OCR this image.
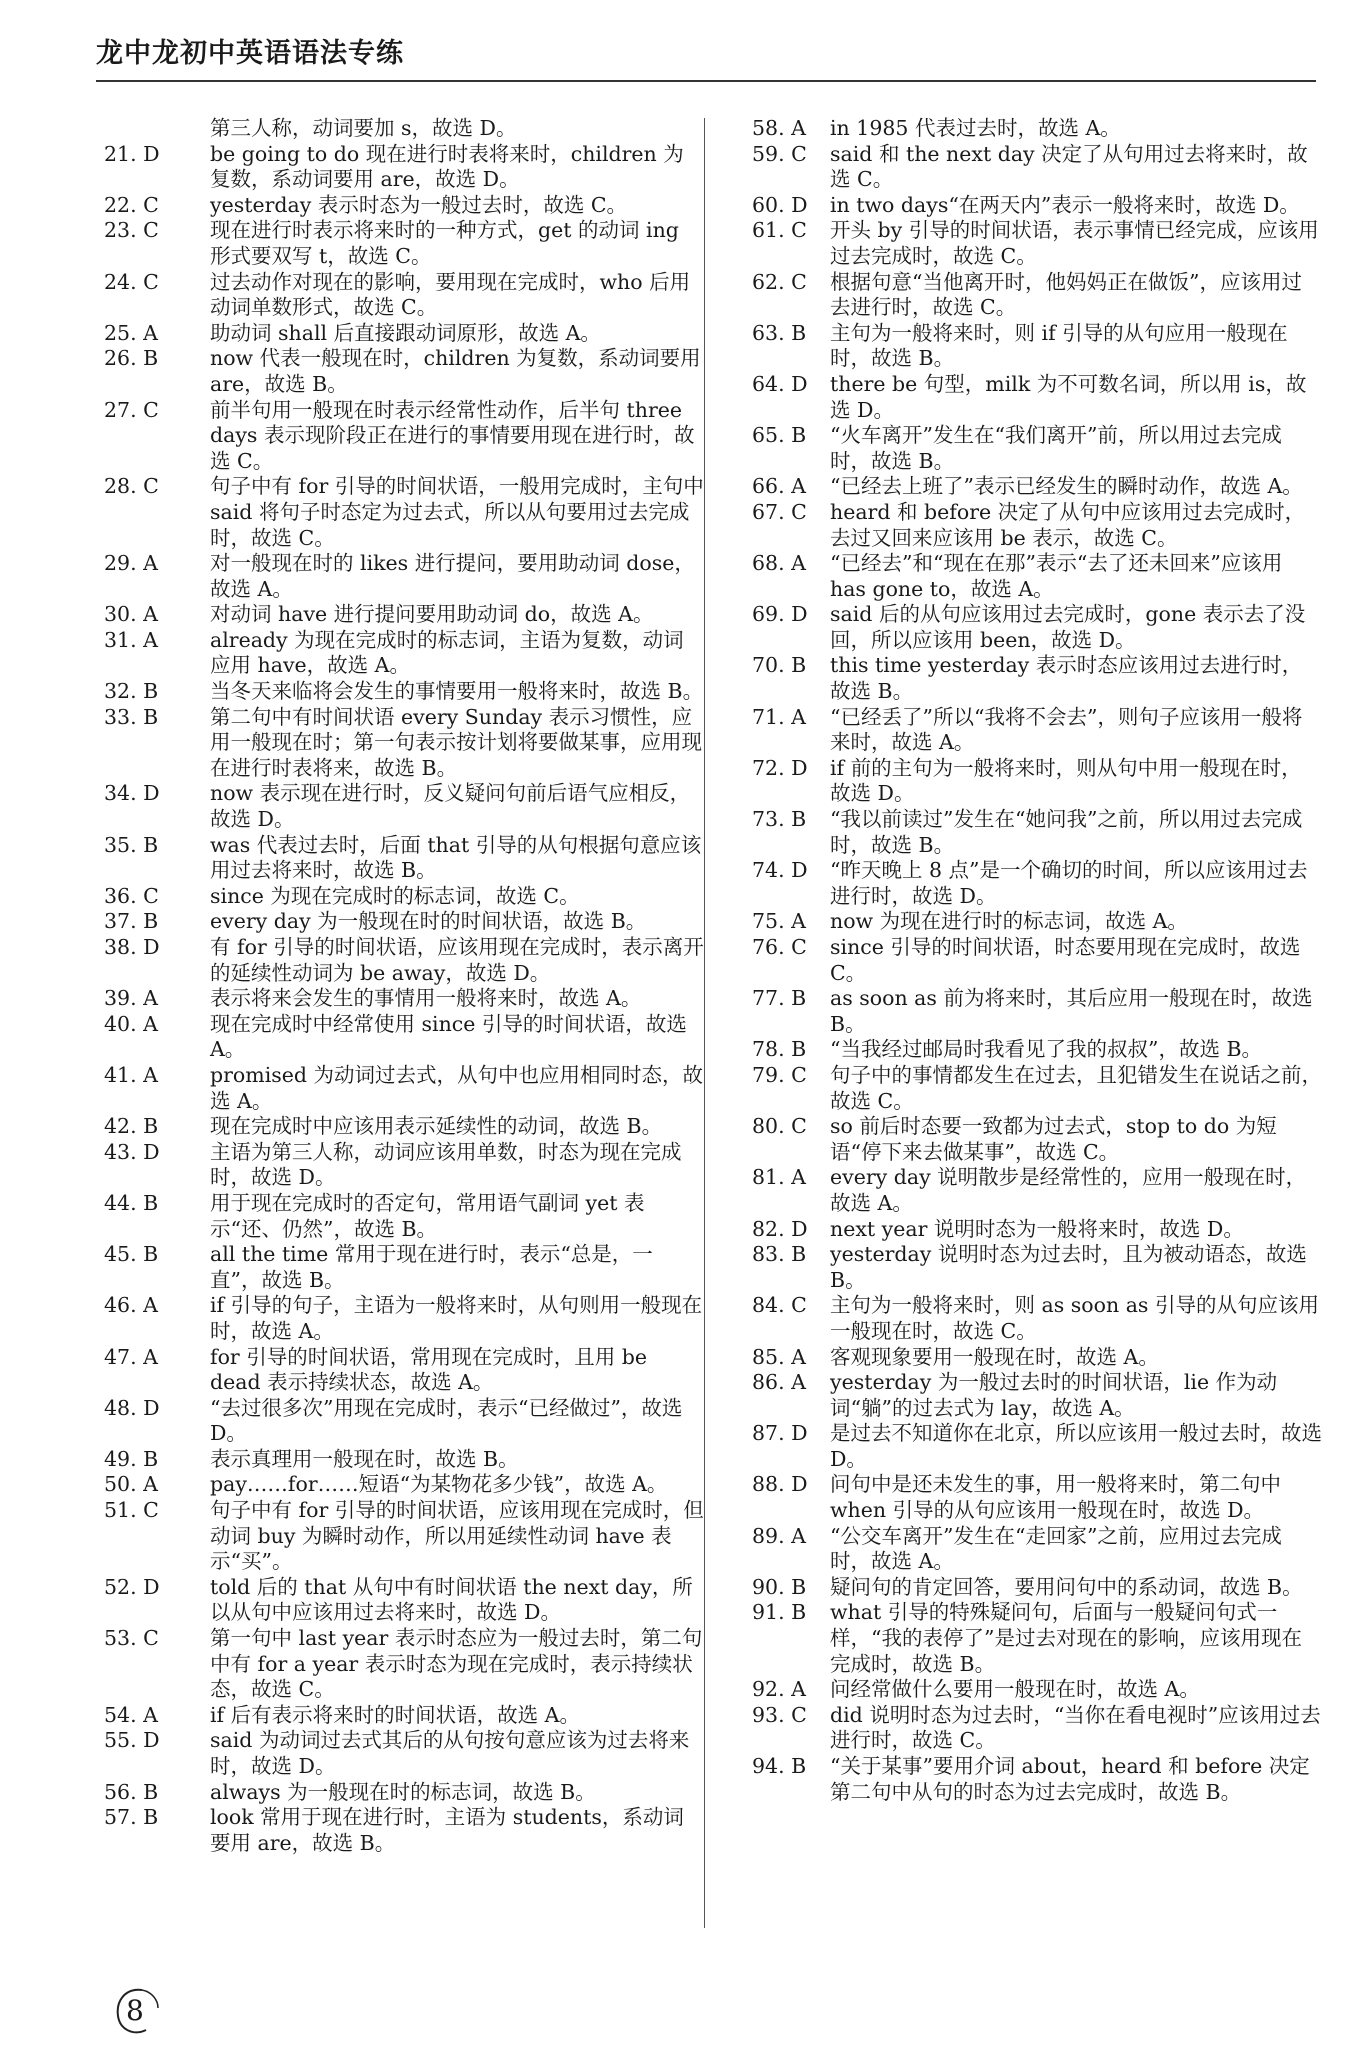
龙中龙初中英语语法专练
第三人称，动词要加 s，故选 D。
21. D	be going to do 现在进行时表将来时，children 为复数，系动词要用 are，故选 D。
22. C	yesterday 表示时态为一般过去时，故选 C。
23. C	现在进行时表示将来时的一种方式，get 的动词 ing 形式要双写 t，故选 C。
24. C	过去动作对现在的影响，要用现在完成时，who 后用动词单数形式，故选 C。
25. A	助动词 shall 后直接跟动词原形，故选 A。
26. B	now 代表一般现在时，children 为复数，系动词要用 are，故选 B。
27. C	前半句用一般现在时表示经常性动作，后半句 three days 表示现阶段正在进行的事情要用现在进行时，故选 C。
28. C	句子中有 for 引导的时间状语，一般用完成时，主句中 said 将句子时态定为过去式，所以从句要用过去完成时，故选 C。
29. A	对一般现在时的 likes 进行提问，要用助动词 dose，故选 A。
30. A	对动词 have 进行提问要用助动词 do，故选 A。
31. A	already 为现在完成时的标志词，主语为复数，动词应用 have，故选 A。
32. B	当冬天来临将会发生的事情要用一般将来时，故选 B。
33. B	第二句中有时间状语 every Sunday 表示习惯性，应用一般现在时；第一句表示按计划将要做某事，应用现在进行时表将来，故选 B。
34. D	now 表示现在进行时，反义疑问句前后语气应相反，故选 D。
35. B	was 代表过去时，后面 that 引导的从句根据句意应该用过去将来时，故选 B。
36. C	since 为现在完成时的标志词，故选 C。
37. B	every day 为一般现在时的时间状语，故选 B。
38. D	有 for 引导的时间状语，应该用现在完成时，表示离开的延续性动词为 be away，故选 D。
39. A	表示将来会发生的事情用一般将来时，故选 A。
40. A	现在完成时中经常使用 since 引导的时间状语，故选 A。
41. A	promised 为动词过去式，从句中也应用相同时态，故选 A。
42. B	现在完成时中应该用表示延续性的动词，故选 B。
43. D	主语为第三人称，动词应该用单数，时态为现在完成时，故选 D。
44. B	用于现在完成时的否定句，常用语气副词 yet 表示“还、仍然”，故选 B。
45. B	all the time 常用于现在进行时，表示“总是，一直”，故选 B。
46. A	if 引导的句子，主语为一般将来时，从句则用一般现在时，故选 A。
47. A	for 引导的时间状语，常用现在完成时，且用 be dead 表示持续状态，故选 A。
48. D	“去过很多次”用现在完成时，表示“已经做过”，故选 D。
49. B	表示真理用一般现在时，故选 B。
50. A	pay……for……短语“为某物花多少钱”，故选 A。
51. C	句子中有 for 引导的时间状语，应该用现在完成时，但动词 buy 为瞬时动作，所以用延续性动词 have 表示“买”。
52. D	told 后的 that 从句中有时间状语 the next day，所以从句中应该用过去将来时，故选 D。
53. C	第一句中 last year 表示时态应为一般过去时，第二句中有 for a year 表示时态为现在完成时，表示持续状态，故选 C。
54. A	if 后有表示将来时的时间状语，故选 A。
55. D	said 为动词过去式其后的从句按句意应该为过去将来时，故选 D。
56. B	always 为一般现在时的标志词，故选 B。
57. B	look 常用于现在进行时，主语为 students，系动词要用 are，故选 B。
58. A	in 1985 代表过去时，故选 A。
59. C	said 和 the next day 决定了从句用过去将来时，故选 C。
60. D	in two days“在两天内”表示一般将来时，故选 D。
61. C	开头 by 引导的时间状语，表示事情已经完成，应该用过去完成时，故选 C。
62. C	根据句意“当他离开时，他妈妈正在做饭”，应该用过去进行时，故选 C。
63. B	主句为一般将来时，则 if 引导的从句应用一般现在时，故选 B。
64. D	there be 句型，milk 为不可数名词，所以用 is，故选 D。
65. B	“火车离开”发生在“我们离开”前，所以用过去完成时，故选 B。
66. A	“已经去上班了”表示已经发生的瞬时动作，故选 A。
67. C	heard 和 before 决定了从句中应该用过去完成时，去过又回来应该用 be 表示，故选 C。
68. A	“已经去”和“现在在那”表示“去了还未回来”应该用 has gone to，故选 A。
69. D	said 后的从句应该用过去完成时，gone 表示去了没回，所以应该用 been，故选 D。
70. B	this time yesterday 表示时态应该用过去进行时，故选 B。
71. A	“已经丢了”所以“我将不会去”，则句子应该用一般将来时，故选 A。
72. D	if 前的主句为一般将来时，则从句中用一般现在时，故选 D。
73. B	“我以前读过”发生在“她问我”之前，所以用过去完成时，故选 B。
74. D	“昨天晚上 8 点”是一个确切的时间，所以应该用过去进行时，故选 D。
75. A	now 为现在进行时的标志词，故选 A。
76. C	since 引导的时间状语，时态要用现在完成时，故选 C。
77. B	as soon as 前为将来时，其后应用一般现在时，故选 B。
78. B	“当我经过邮局时我看见了我的叔叔”，故选 B。
79. C	句子中的事情都发生在过去，且犯错发生在说话之前，故选 C。
80. C	so 前后时态要一致都为过去式，stop to do 为短语“停下来去做某事”，故选 C。
81. A	every day 说明散步是经常性的，应用一般现在时，故选 A。
82. D	next year 说明时态为一般将来时，故选 D。
83. B	yesterday 说明时态为过去时，且为被动语态，故选 B。
84. C	主句为一般将来时，则 as soon as 引导的从句应该用一般现在时，故选 C。
85. A	客观现象要用一般现在时，故选 A。
86. A	yesterday 为一般过去时的时间状语，lie 作为动词“躺”的过去式为 lay，故选 A。
87. D	是过去不知道你在北京，所以应该用一般过去时，故选 D。
88. D	问句中是还未发生的事，用一般将来时，第二句中 when 引导的从句应该用一般现在时，故选 D。
89. A	“公交车离开”发生在“走回家”之前，应用过去完成时，故选 A。
90. B	疑问句的肯定回答，要用问句中的系动词，故选 B。
91. B	what 引导的特殊疑问句，后面与一般疑问句式一样，“我的表停了”是过去对现在的影响，应该用现在完成时，故选 B。
92. A	问经常做什么要用一般现在时，故选 A。
93. C	did 说明时态为过去时，“当你在看电视时”应该用过去进行时，故选 C。
94. B	“关于某事”要用介词 about，heard 和 before 决定第二句中从句的时态为过去完成时，故选 B。
8
